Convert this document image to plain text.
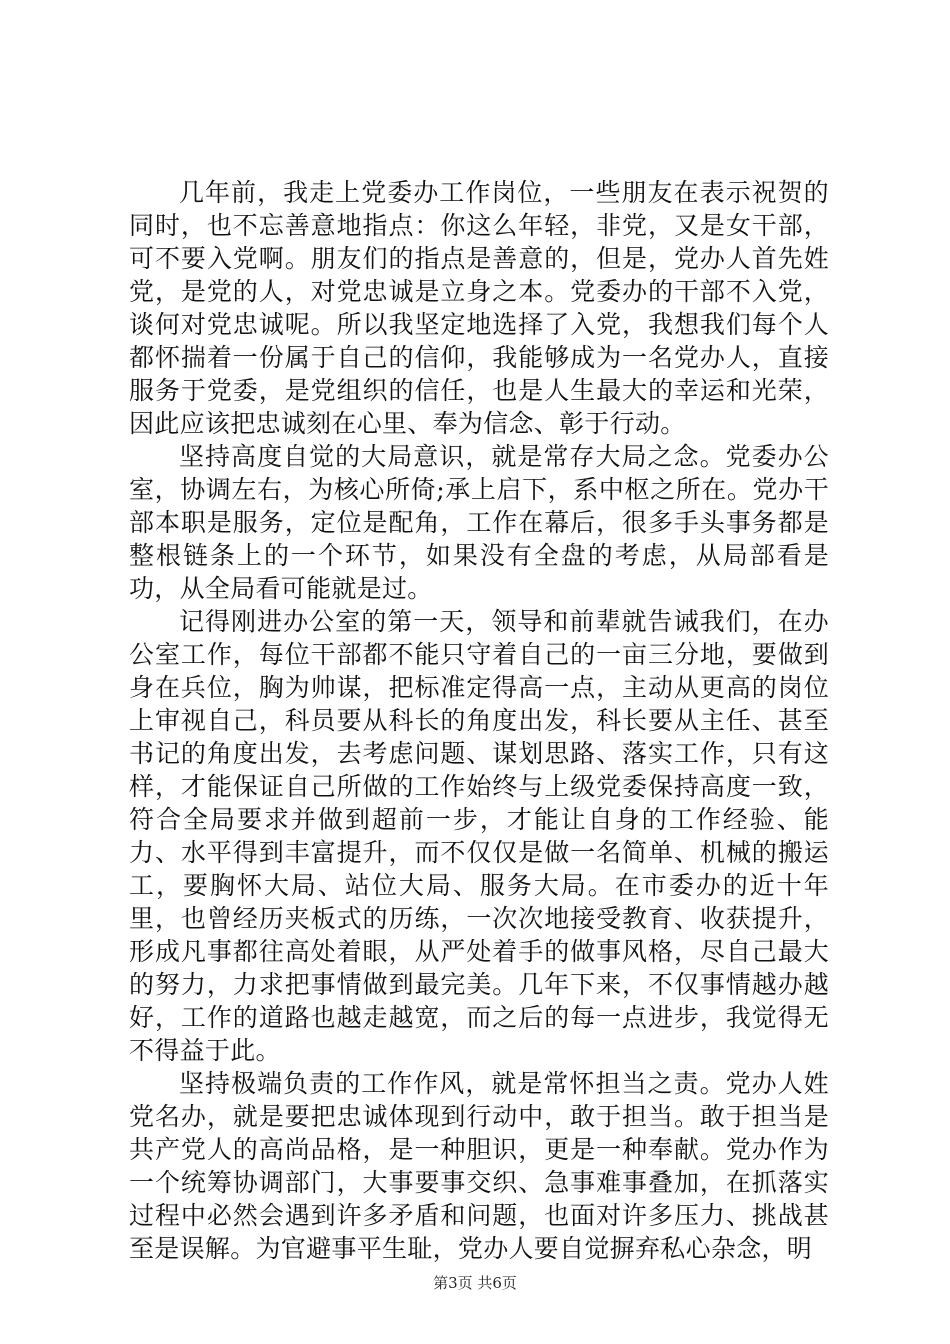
几年前，我走上党委办工作岗位，一些朋友在表示祝贺的同时，也不忘善意地指点：你这么年轻，非党，又是女干部，可不要入党啊。朋友们的指点是善意的，但是，党办人首先姓党，是党的人，对党忠诚是立身之本。党委办的干部不入党，谈何对党忠诚呢。所以我坚定地选择了入党，我想我们每个人都怀揣着一份属于自己的信仰，我能够成为一名党办人，直接服务于党委，是党组织的信任，也是人生最大的幸运和光荣，因此应该把忠诚刻在心里、奉为信念、彰于行动。

坚持高度自觉的大局意识，就是常存大局之念。党委办公室，协调左右，为核心所倚;承上启下，系中枢之所在。党办干部本职是服务，定位是配角，工作在幕后，很多手头事务都是整根链条上的一个环节，如果没有全盘的考虑，从局部看是功，从全局看可能就是过。

记得刚进办公室的第一天，领导和前辈就告诫我们，在办公室工作，每位干部都不能只守着自己的一亩三分地，要做到身在兵位，胸为帅谋，把标准定得高一点，主动从更高的岗位上审视自己，科员要从科长的角度出发，科长要从主任、甚至书记的角度出发，去考虑问题、谋划思路、落实工作，只有这样，才能保证自己所做的工作始终与上级党委保持高度一致，符合全局要求并做到超前一步，才能让自身的工作经验、能力、水平得到丰富提升，而不仅仅是做一名简单、机械的搬运工，要胸怀大局、站位大局、服务大局。在市委办的近十年里，也曾经历夹板式的历练，一次次地接受教育、收获提升，形成凡事都往高处着眼，从严处着手的做事风格，尽自己最大的努力，力求把事情做到最完美。几年下来，不仅事情越办越好，工作的道路也越走越宽，而之后的每一点进步，我觉得无不得益于此。

坚持极端负责的工作作风，就是常怀担当之责。党办人姓党名办，就是要把忠诚体现到行动中，敢于担当。敢于担当是共产党人的高尚品格，是一种胆识，更是一种奉献。党办作为一个统筹协调部门，大事要事交织、急事难事叠加，在抓落实过程中必然会遇到许多矛盾和问题，也面对许多压力、挑战甚至是误解。为官避事平生耻，党办人要自觉摒弃私心杂念，明

第3页 共6页
